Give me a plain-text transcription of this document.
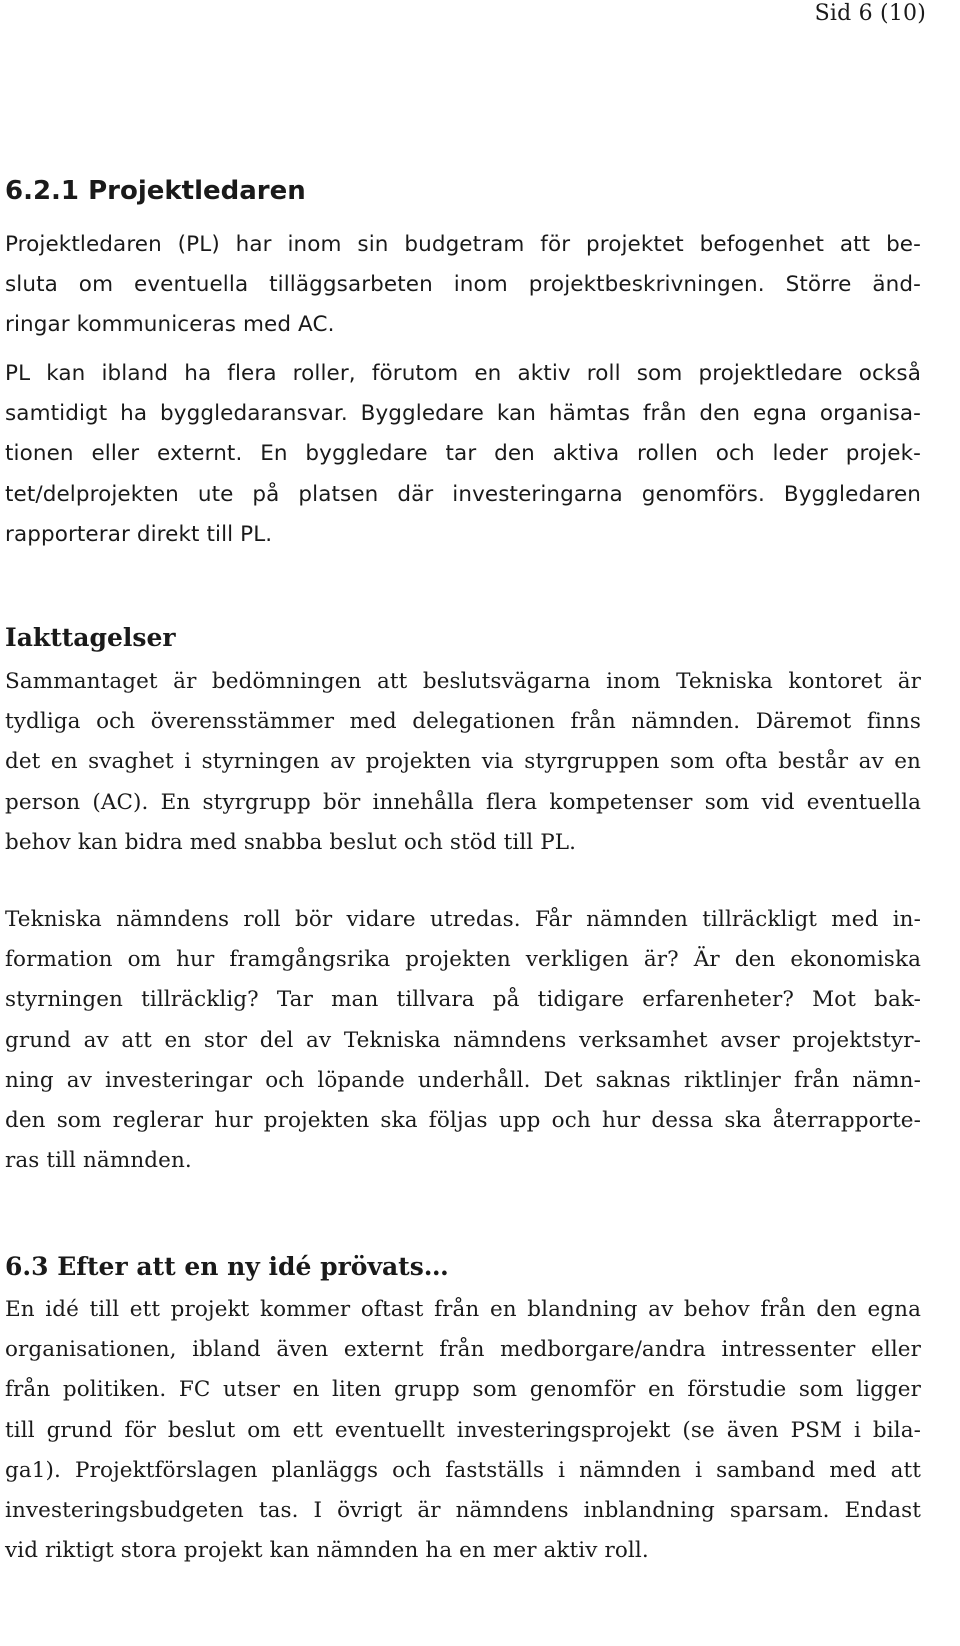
Sid 6 (10)
6.2.1 Projektledaren
Projektledaren (PL) har inom sin budgetram för projektet befogenhet att be-
sluta om eventuella tilläggsarbeten inom projektbeskrivningen. Större änd-
ringar kommuniceras med AC.
PL kan ibland ha flera roller, förutom en aktiv roll som projektledare också
samtidigt ha byggledaransvar. Byggledare kan hämtas från den egna organisa-
tionen eller externt. En byggledare tar den aktiva rollen och leder projek-
tet/delprojekten ute på platsen där investeringarna genomförs. Byggledaren
rapporterar direkt till PL.
Iakttagelser
Sammantaget är bedömningen att beslutsvägarna inom Tekniska kontoret är
tydliga och överensstämmer med delegationen från nämnden. Däremot finns
det en svaghet i styrningen av projekten via styrgruppen som ofta består av en
person (AC). En styrgrupp bör innehålla flera kompetenser som vid eventuella
behov kan bidra med snabba beslut och stöd till PL.
Tekniska nämndens roll bör vidare utredas. Får nämnden tillräckligt med in-
formation om hur framgångsrika projekten verkligen är? Är den ekonomiska
styrningen tillräcklig? Tar man tillvara på tidigare erfarenheter? Mot bak-
grund av att en stor del av Tekniska nämndens verksamhet avser projektstyr-
ning av investeringar och löpande underhåll. Det saknas riktlinjer från nämn-
den som reglerar hur projekten ska följas upp och hur dessa ska återrapporte-
ras till nämnden.
6.3 Efter att en ny idé prövats…
En idé till ett projekt kommer oftast från en blandning av behov från den egna
organisationen, ibland även externt från medborgare/andra intressenter eller
från politiken. FC utser en liten grupp som genomför en förstudie som ligger
till grund för beslut om ett eventuellt investeringsprojekt (se även PSM i bila-
ga1). Projektförslagen planläggs och fastställs i nämnden i samband med att
investeringsbudgeten tas. I övrigt är nämndens inblandning sparsam. Endast
vid riktigt stora projekt kan nämnden ha en mer aktiv roll.
